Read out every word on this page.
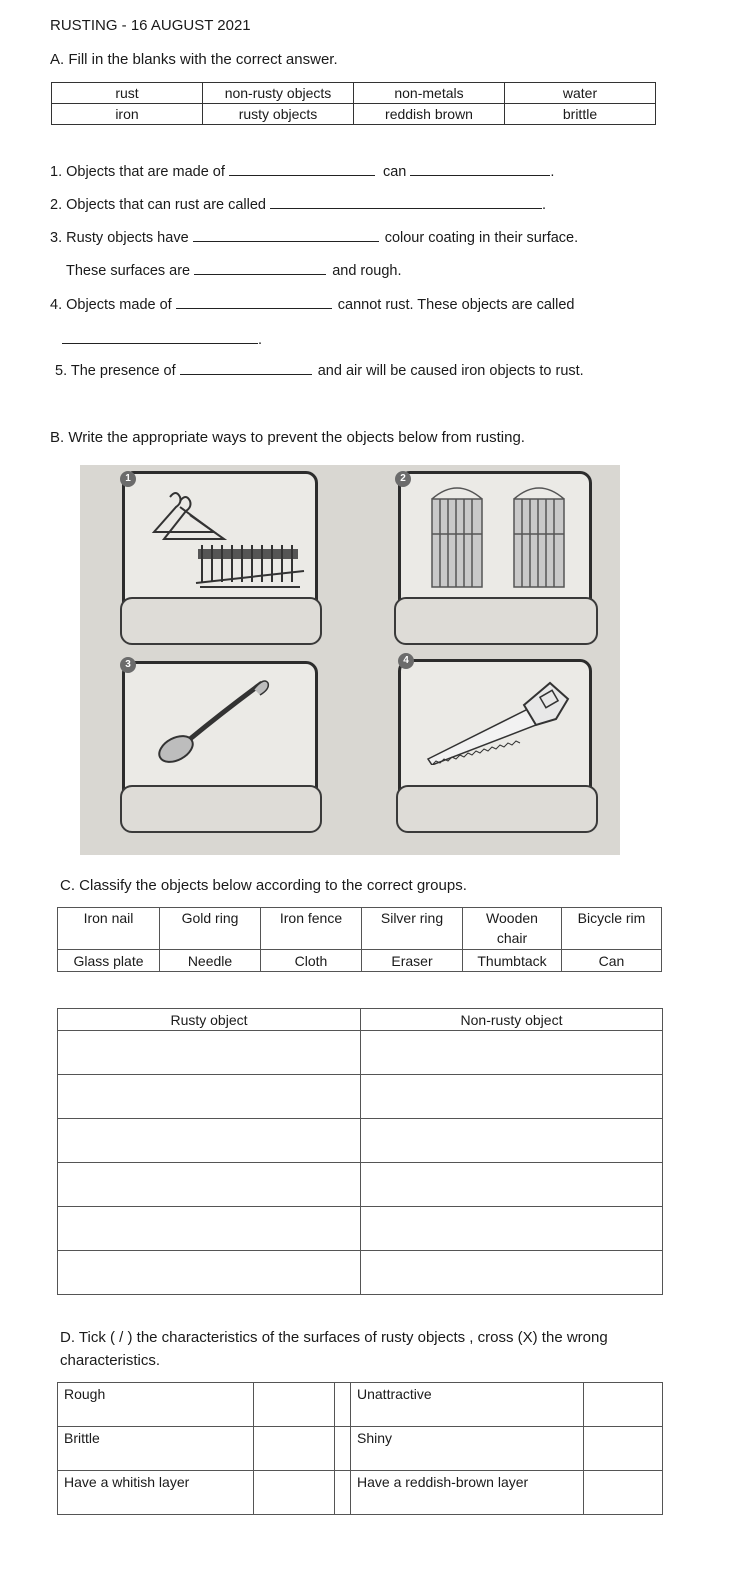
RUSTING - 16 AUGUST 2021
A. Fill in the blanks with the correct answer.
rust	non-rusty objects	non-metals	water
iron	rusty objects	reddish brown	brittle
1. Objects that are made of	can	.
2. Objects that can rust are called	.
3. Rusty objects have	colour coating in their surface.
These surfaces are	and rough.
4. Objects made of	cannot rust. These objects are called
.
5. The presence of	and air will be caused iron objects to rust.
B. Write the appropriate ways to prevent the objects below from rusting.
1	2
3	4
C. Classify the objects below according to the correct groups.
Iron nail	Gold ring	Iron fence	Silver ring	Wooden chair	Bicycle rim
Glass plate	Needle	Cloth	Eraser	Thumbtack	Can
Rusty object	Non-rusty object

D. Tick ( / ) the characteristics of the surfaces of rusty objects , cross (X) the wrong
characteristics.
Rough			Unattractive	
Brittle			Shiny	
Have a whitish layer			Have a reddish-brown layer	
